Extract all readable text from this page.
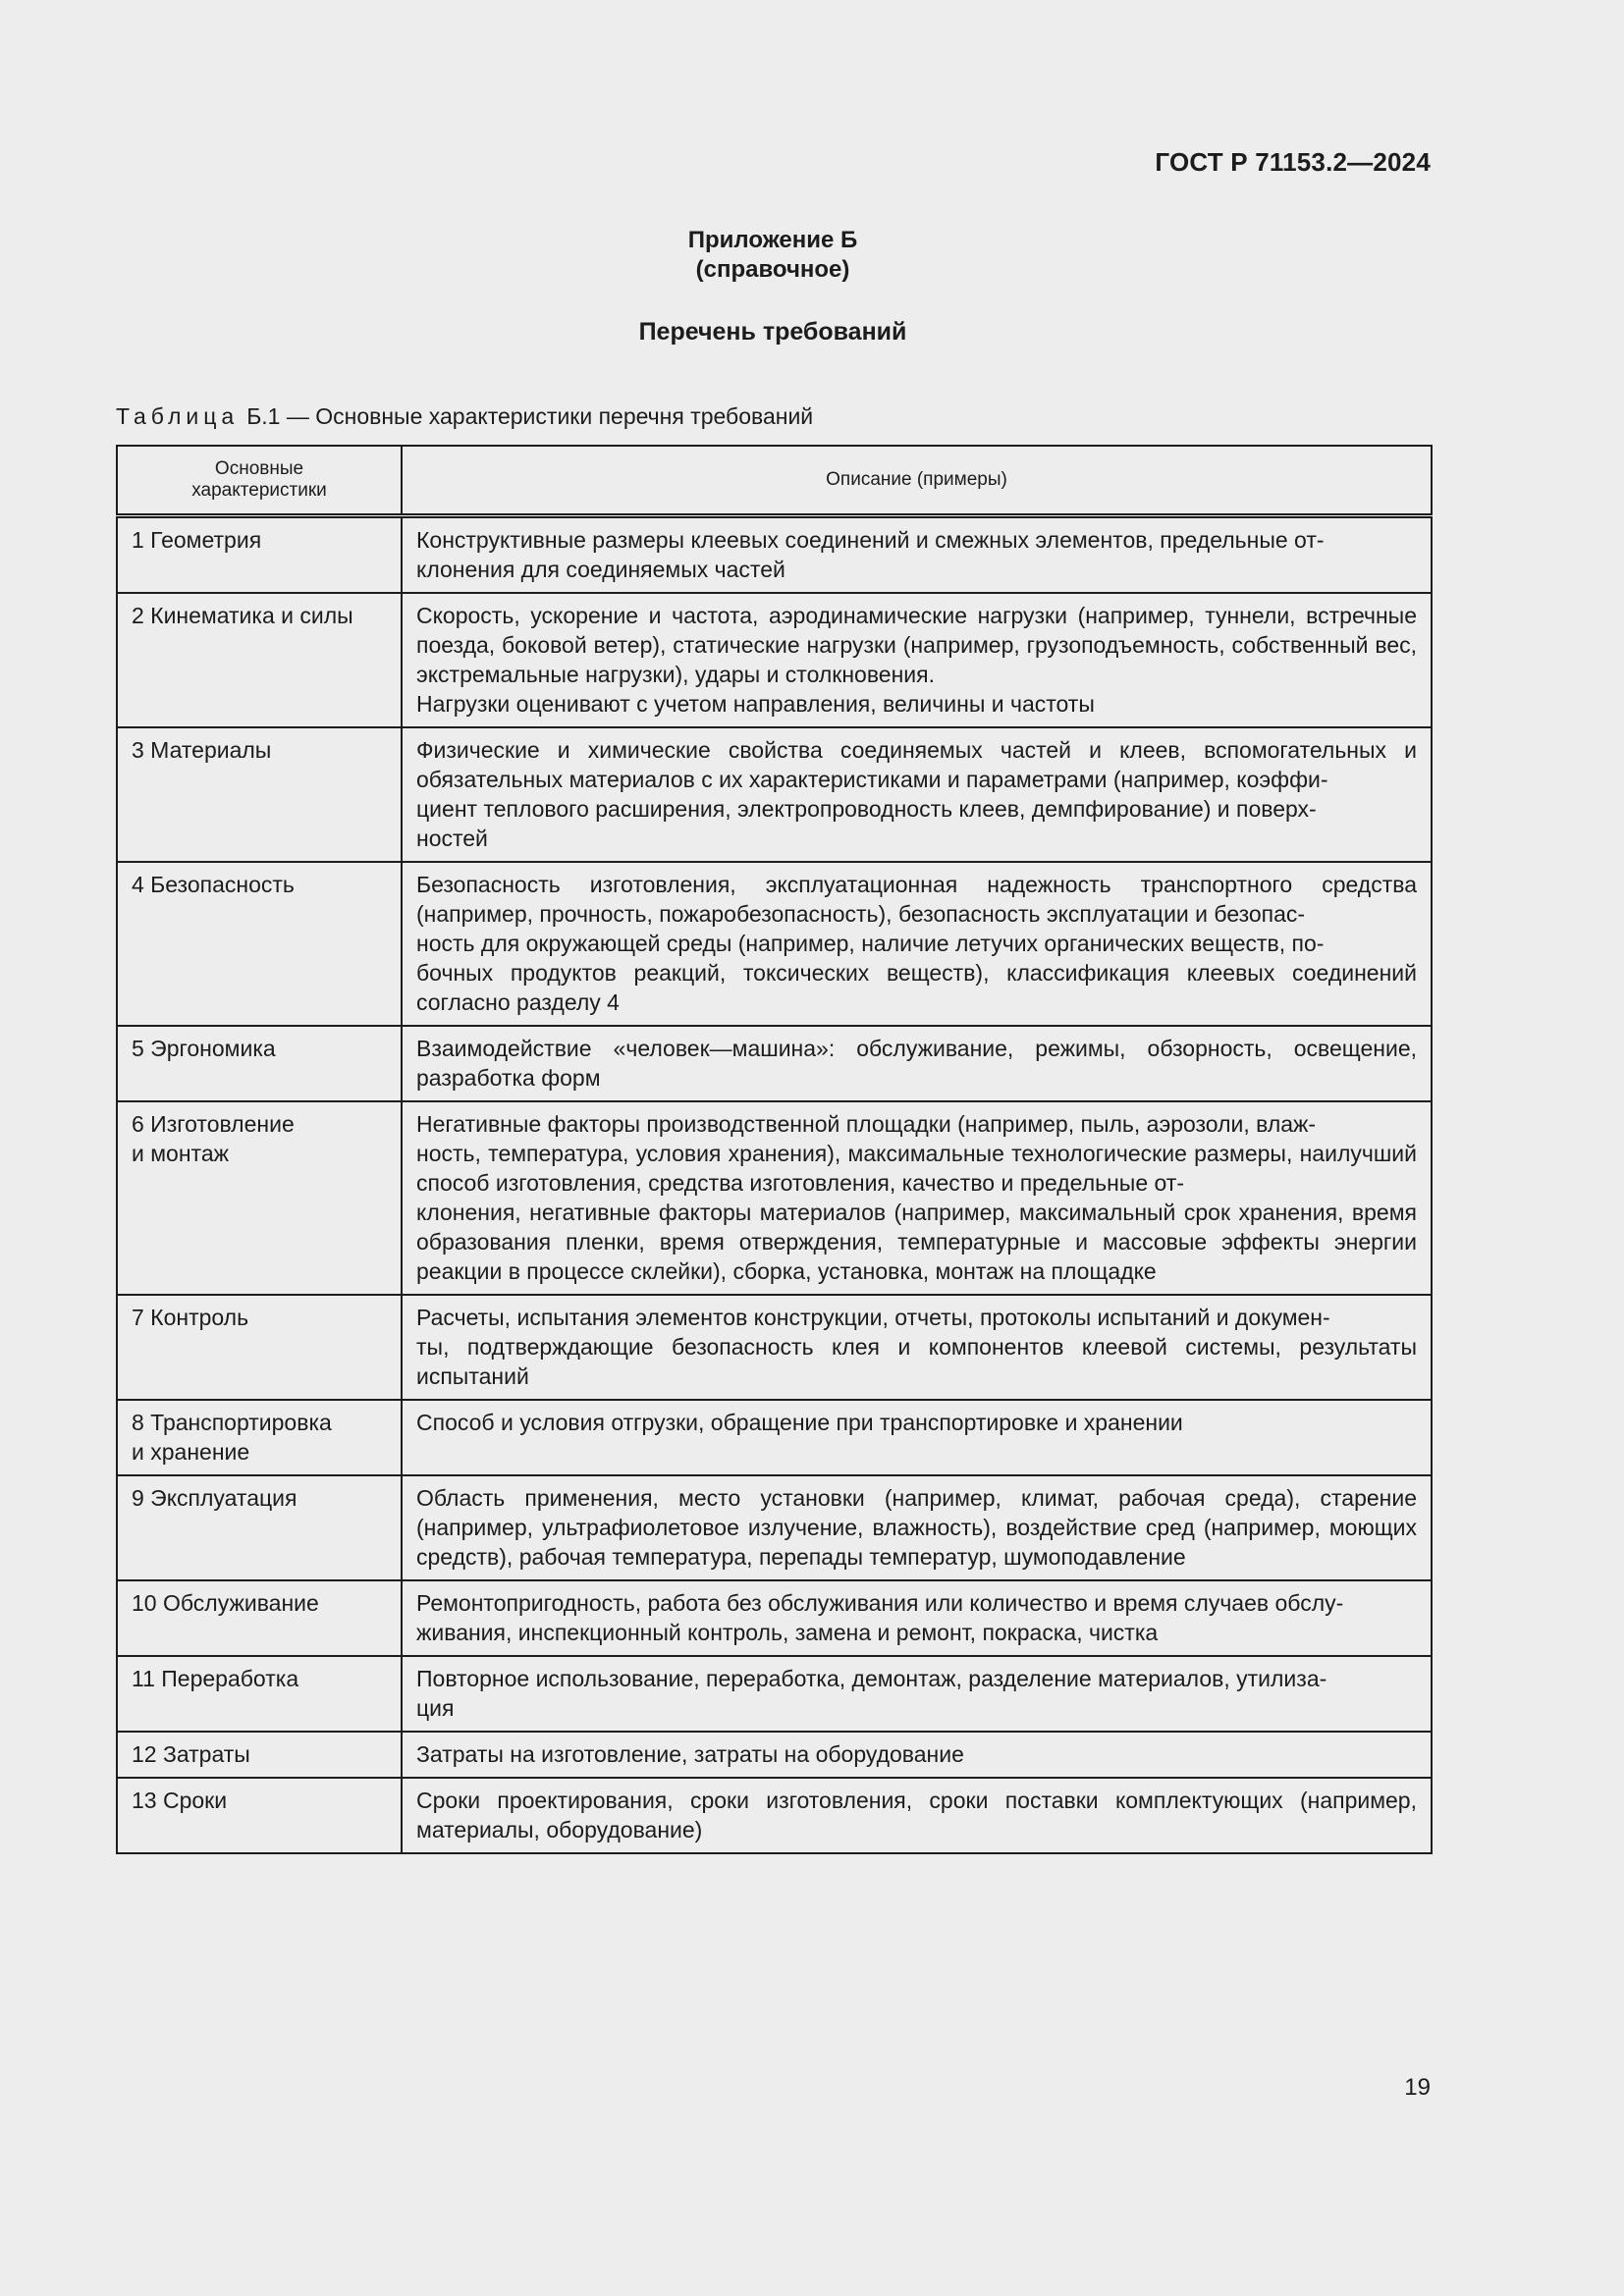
ГОСТ Р 71153.2—2024
Приложение Б
(справочное)
Перечень требований
Таблица Б.1 — Основные характеристики перечня требований
Основные
характеристики	Описание (примеры)
1 Геометрия	Конструктивные размеры клеевых соединений и смежных элементов, предельные от-
клонения для соединяемых частей
2 Кинематика и силы	Скорость, ускорение и частота, аэродинамические нагрузки (например, туннели, встречные поезда, боковой ветер), статические нагрузки (например, грузоподъемность, собственный вес, экстремальные нагрузки), удары и столкновения.
Нагрузки оценивают с учетом направления, величины и частоты
3 Материалы	Физические и химические свойства соединяемых частей и клеев, вспомогательных и обязательных материалов с их характеристиками и параметрами (например, коэффи-
циент теплового расширения, электропроводность клеев, демпфирование) и поверх-
ностей
4 Безопасность	Безопасность изготовления, эксплуатационная надежность транспортного средства (например, прочность, пожаробезопасность), безопасность эксплуатации и безопас-
ность для окружающей среды (например, наличие летучих органических веществ, по-
бочных продуктов реакций, токсических веществ), классификация клеевых соединений согласно разделу 4
5 Эргономика	Взаимодействие «человек—машина»: обслуживание, режимы, обзорность, освещение, разработка форм
6 Изготовление
и монтаж	Негативные факторы производственной площадки (например, пыль, аэрозоли, влаж-
ность, температура, условия хранения), максимальные технологические размеры, наилучший способ изготовления, средства изготовления, качество и предельные от-
клонения, негативные факторы материалов (например, максимальный срок хранения, время образования пленки, время отверждения, температурные и массовые эффекты энергии реакции в процессе склейки), сборка, установка, монтаж на площадке
7 Контроль	Расчеты, испытания элементов конструкции, отчеты, протоколы испытаний и докумен-
ты, подтверждающие безопасность клея и компонентов клеевой системы, результаты испытаний
8 Транспортировка
и хранение	Способ и условия отгрузки, обращение при транспортировке и хранении
9 Эксплуатация	Область применения, место установки (например, климат, рабочая среда), старение (например, ультрафиолетовое излучение, влажность), воздействие сред (например, моющих средств), рабочая температура, перепады температур, шумоподавление
10 Обслуживание	Ремонтопригодность, работа без обслуживания или количество и время случаев обслу-
живания, инспекционный контроль, замена и ремонт, покраска, чистка
11 Переработка	Повторное использование, переработка, демонтаж, разделение материалов, утилиза-
ция
12 Затраты	Затраты на изготовление, затраты на оборудование
13 Сроки	Сроки проектирования, сроки изготовления, сроки поставки комплектующих (например, материалы, оборудование)
19
